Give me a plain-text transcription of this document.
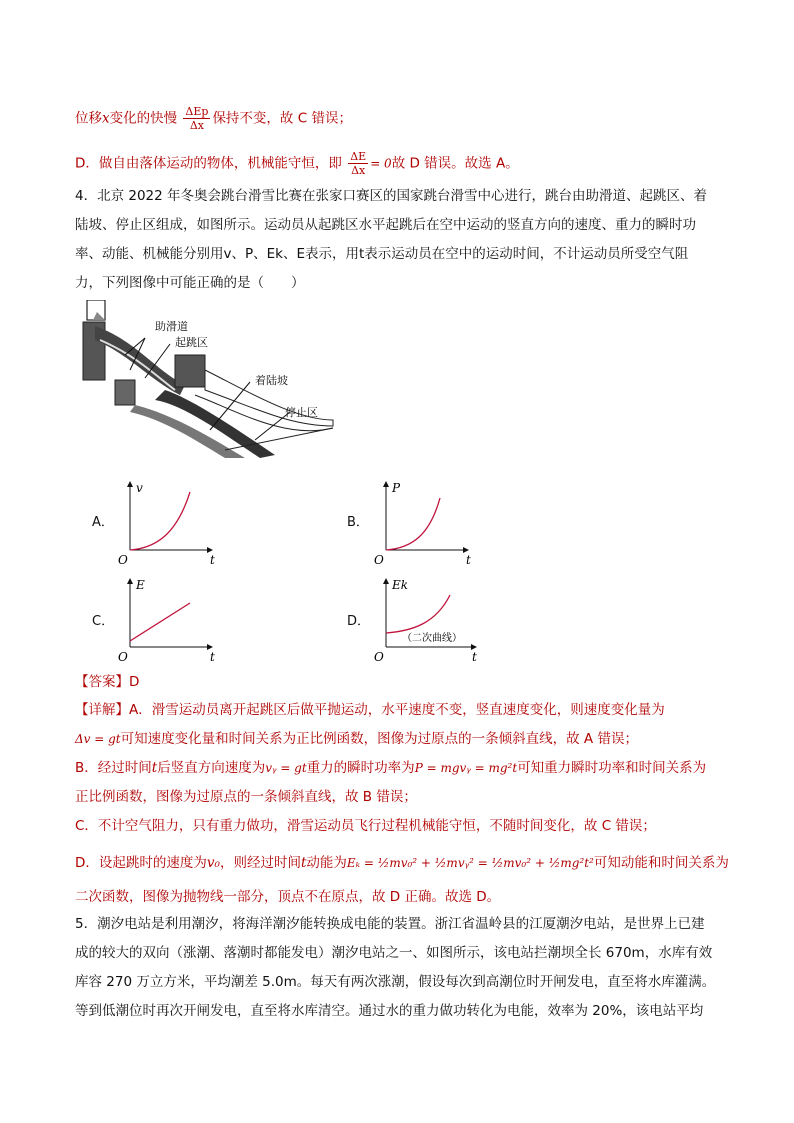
位移x变化的快慢 $\frac{\text{ΔEp}}{\Delta x}$ 保持不变，故 C 错误；
D．做自由落体运动的物体，机械能守恒，即 $\frac{\Delta E}{\Delta x} = 0$故 D 错误。故选 A。
4．北京 2022 年冬奥会跳台滑雪比赛在张家口赛区的国家跳台滑雪中心进行，跳台由助滑道、起跳区、着
陆坡、停止区组成，如图所示。运动员从起跳区水平起跳后在空中运动的竖直方向的速度、重力的瞬时功
率、动能、机械能分别用v、P、Ek、E表示，用t表示运动员在空中的运动时间，不计运动员所受空气阻
力，下列图像中可能正确的是（　　）
助滑道
起跳区
着陆坡
停止区
A．
v
t
O
B．
P
t
O
C．
E
t
O
D．
Ek
（二次曲线）
t
O
【答案】D
【详解】A．滑雪运动员离开起跳区后做平抛运动，水平速度不变，竖直速度变化，则速度变化量为
Δv = gt可知速度变化量和时间关系为正比例函数，图像为过原点的一条倾斜直线，故 A 错误；
B．经过时间t后竖直方向速度为vᵧ = gt重力的瞬时功率为P = mgvᵧ = mg²t可知重力瞬时功率和时间关系为
正比例函数，图像为过原点的一条倾斜直线，故 B 错误；
C．不计空气阻力，只有重力做功，滑雪运动员飞行过程机械能守恒，不随时间变化，故 C 错误；
D．设起跳时的速度为v₀，则经过时间t动能为Eₖ = ½mv₀² + ½mvᵧ² = ½mv₀² + ½mg²t²可知动能和时间关系为
二次函数，图像为抛物线一部分，顶点不在原点，故 D 正确。故选 D。
5．潮汐电站是利用潮汐，将海洋潮汐能转换成电能的装置。浙江省温岭县的江厦潮汐电站，是世界上已建
成的较大的双向（涨潮、落潮时都能发电）潮汐电站之一、如图所示，该电站拦潮坝全长 670m，水库有效
库容 270 万立方米，平均潮差 5.0m。每天有两次涨潮，假设每次到高潮位时开闸发电，直至将水库灌满。
等到低潮位时再次开闸发电，直至将水库清空。通过水的重力做功转化为电能，效率为 20%，该电站平均
